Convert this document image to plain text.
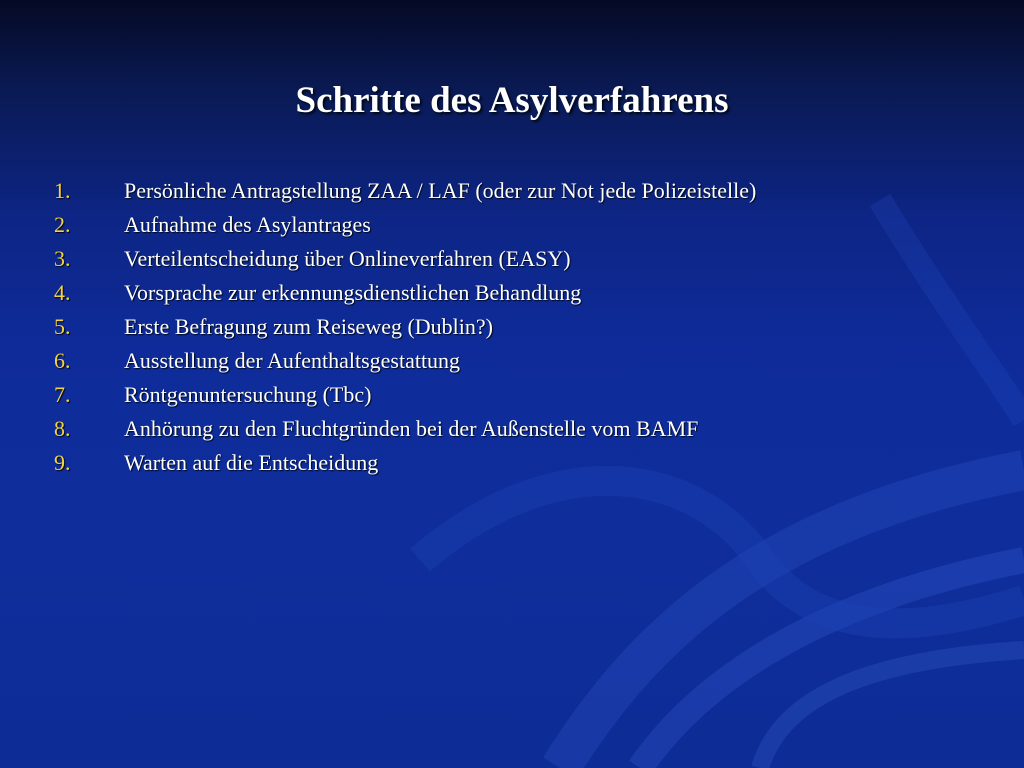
Schritte des Asylverfahrens
1. Persönliche Antragstellung ZAA / LAF (oder zur Not jede Polizeistelle)
2. Aufnahme des Asylantrages
3. Verteilentscheidung über Onlineverfahren (EASY)
4. Vorsprache zur erkennungsdienstlichen Behandlung
5. Erste Befragung zum Reiseweg (Dublin?)
6. Ausstellung der Aufenthaltsgestattung
7. Röntgenuntersuchung (Tbc)
8. Anhörung zu den Fluchtgründen bei der Außenstelle vom BAMF
9. Warten auf die Entscheidung
